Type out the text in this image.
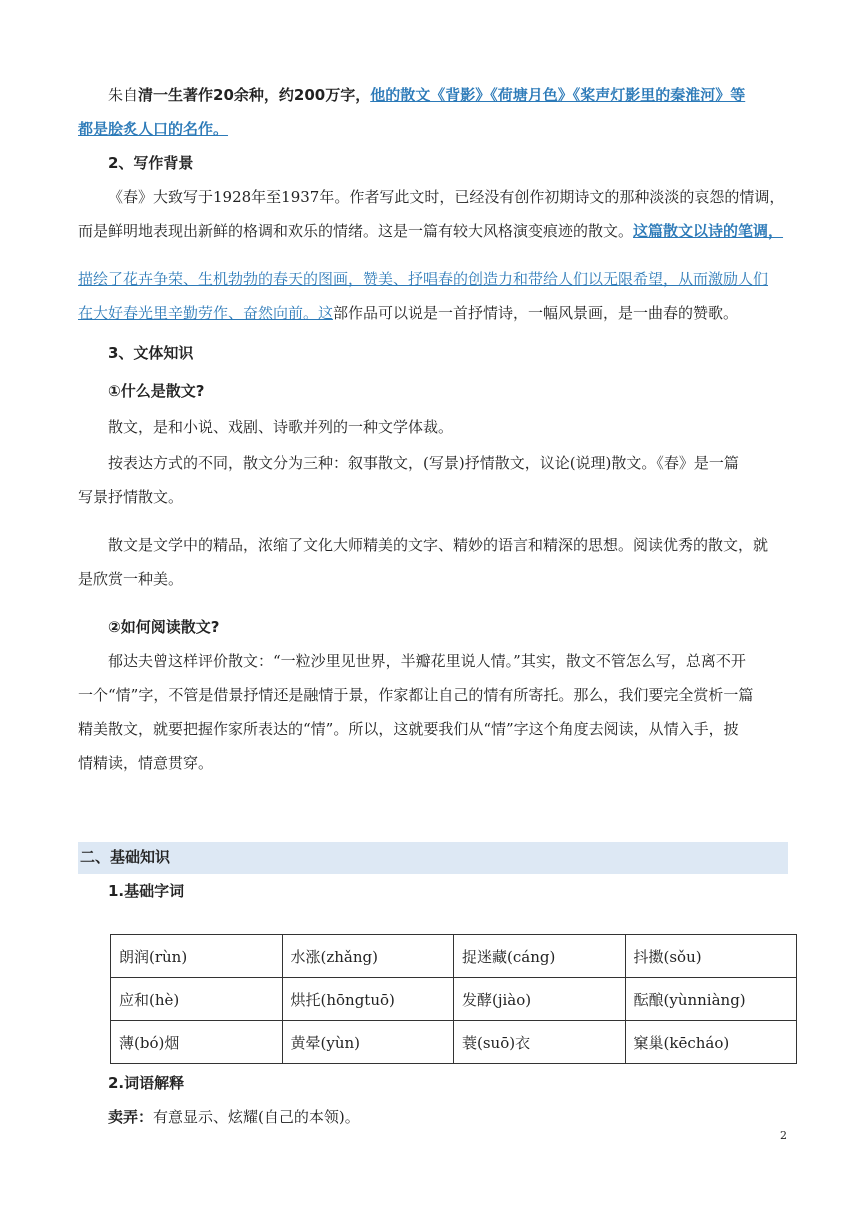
朱自清一生著作20余种，约200万字，他的散文《背影》《荷塘月色》《桨声灯影里的秦淮河》等
都是脍炙人口的名作。
2、写作背景
《春》大致写于1928年至1937年。作者写此文时，已经没有创作初期诗文的那种淡淡的哀怨的情调，
而是鲜明地表现出新鲜的格调和欢乐的情绪。这是一篇有较大风格演变痕迹的散文。这篇散文以诗的笔调，
描绘了花卉争荣、生机勃勃的春天的图画，赞美、抒唱春的创造力和带给人们以无限希望，从而激励人们
在大好春光里辛勤劳作、奋然向前。这部作品可以说是一首抒情诗，一幅风景画，是一曲春的赞歌。
3、文体知识
①什么是散文?
散文，是和小说、戏剧、诗歌并列的一种文学体裁。
按表达方式的不同，散文分为三种：叙事散文，(写景)抒情散文，议论(说理)散文。《春》是一篇
写景抒情散文。
散文是文学中的精品，浓缩了文化大师精美的文字、精妙的语言和精深的思想。阅读优秀的散文，就
是欣赏一种美。
②如何阅读散文?
郁达夫曾这样评价散文：“一粒沙里见世界，半瓣花里说人情。”其实，散文不管怎么写，总离不开
一个“情”字，不管是借景抒情还是融情于景，作家都让自己的情有所寄托。那么，我们要完全赏析一篇
精美散文，就要把握作家所表达的“情”。所以，这就要我们从“情”字这个角度去阅读，从情入手，披
情精读，情意贯穿。
二、基础知识
1.基础字词
朗润(rùn)	水涨(zhǎng)	捉迷藏(cáng)	抖擞(sǒu)
应和(hè)	烘托(hōngtuō)	发酵(jiào)	酝酿(yùnniàng)
薄(bó)烟	黄晕(yùn)	蓑(suō)衣	窠巢(kēcháo)
2.词语解释
卖弄：有意显示、炫耀(自己的本领)。
2
